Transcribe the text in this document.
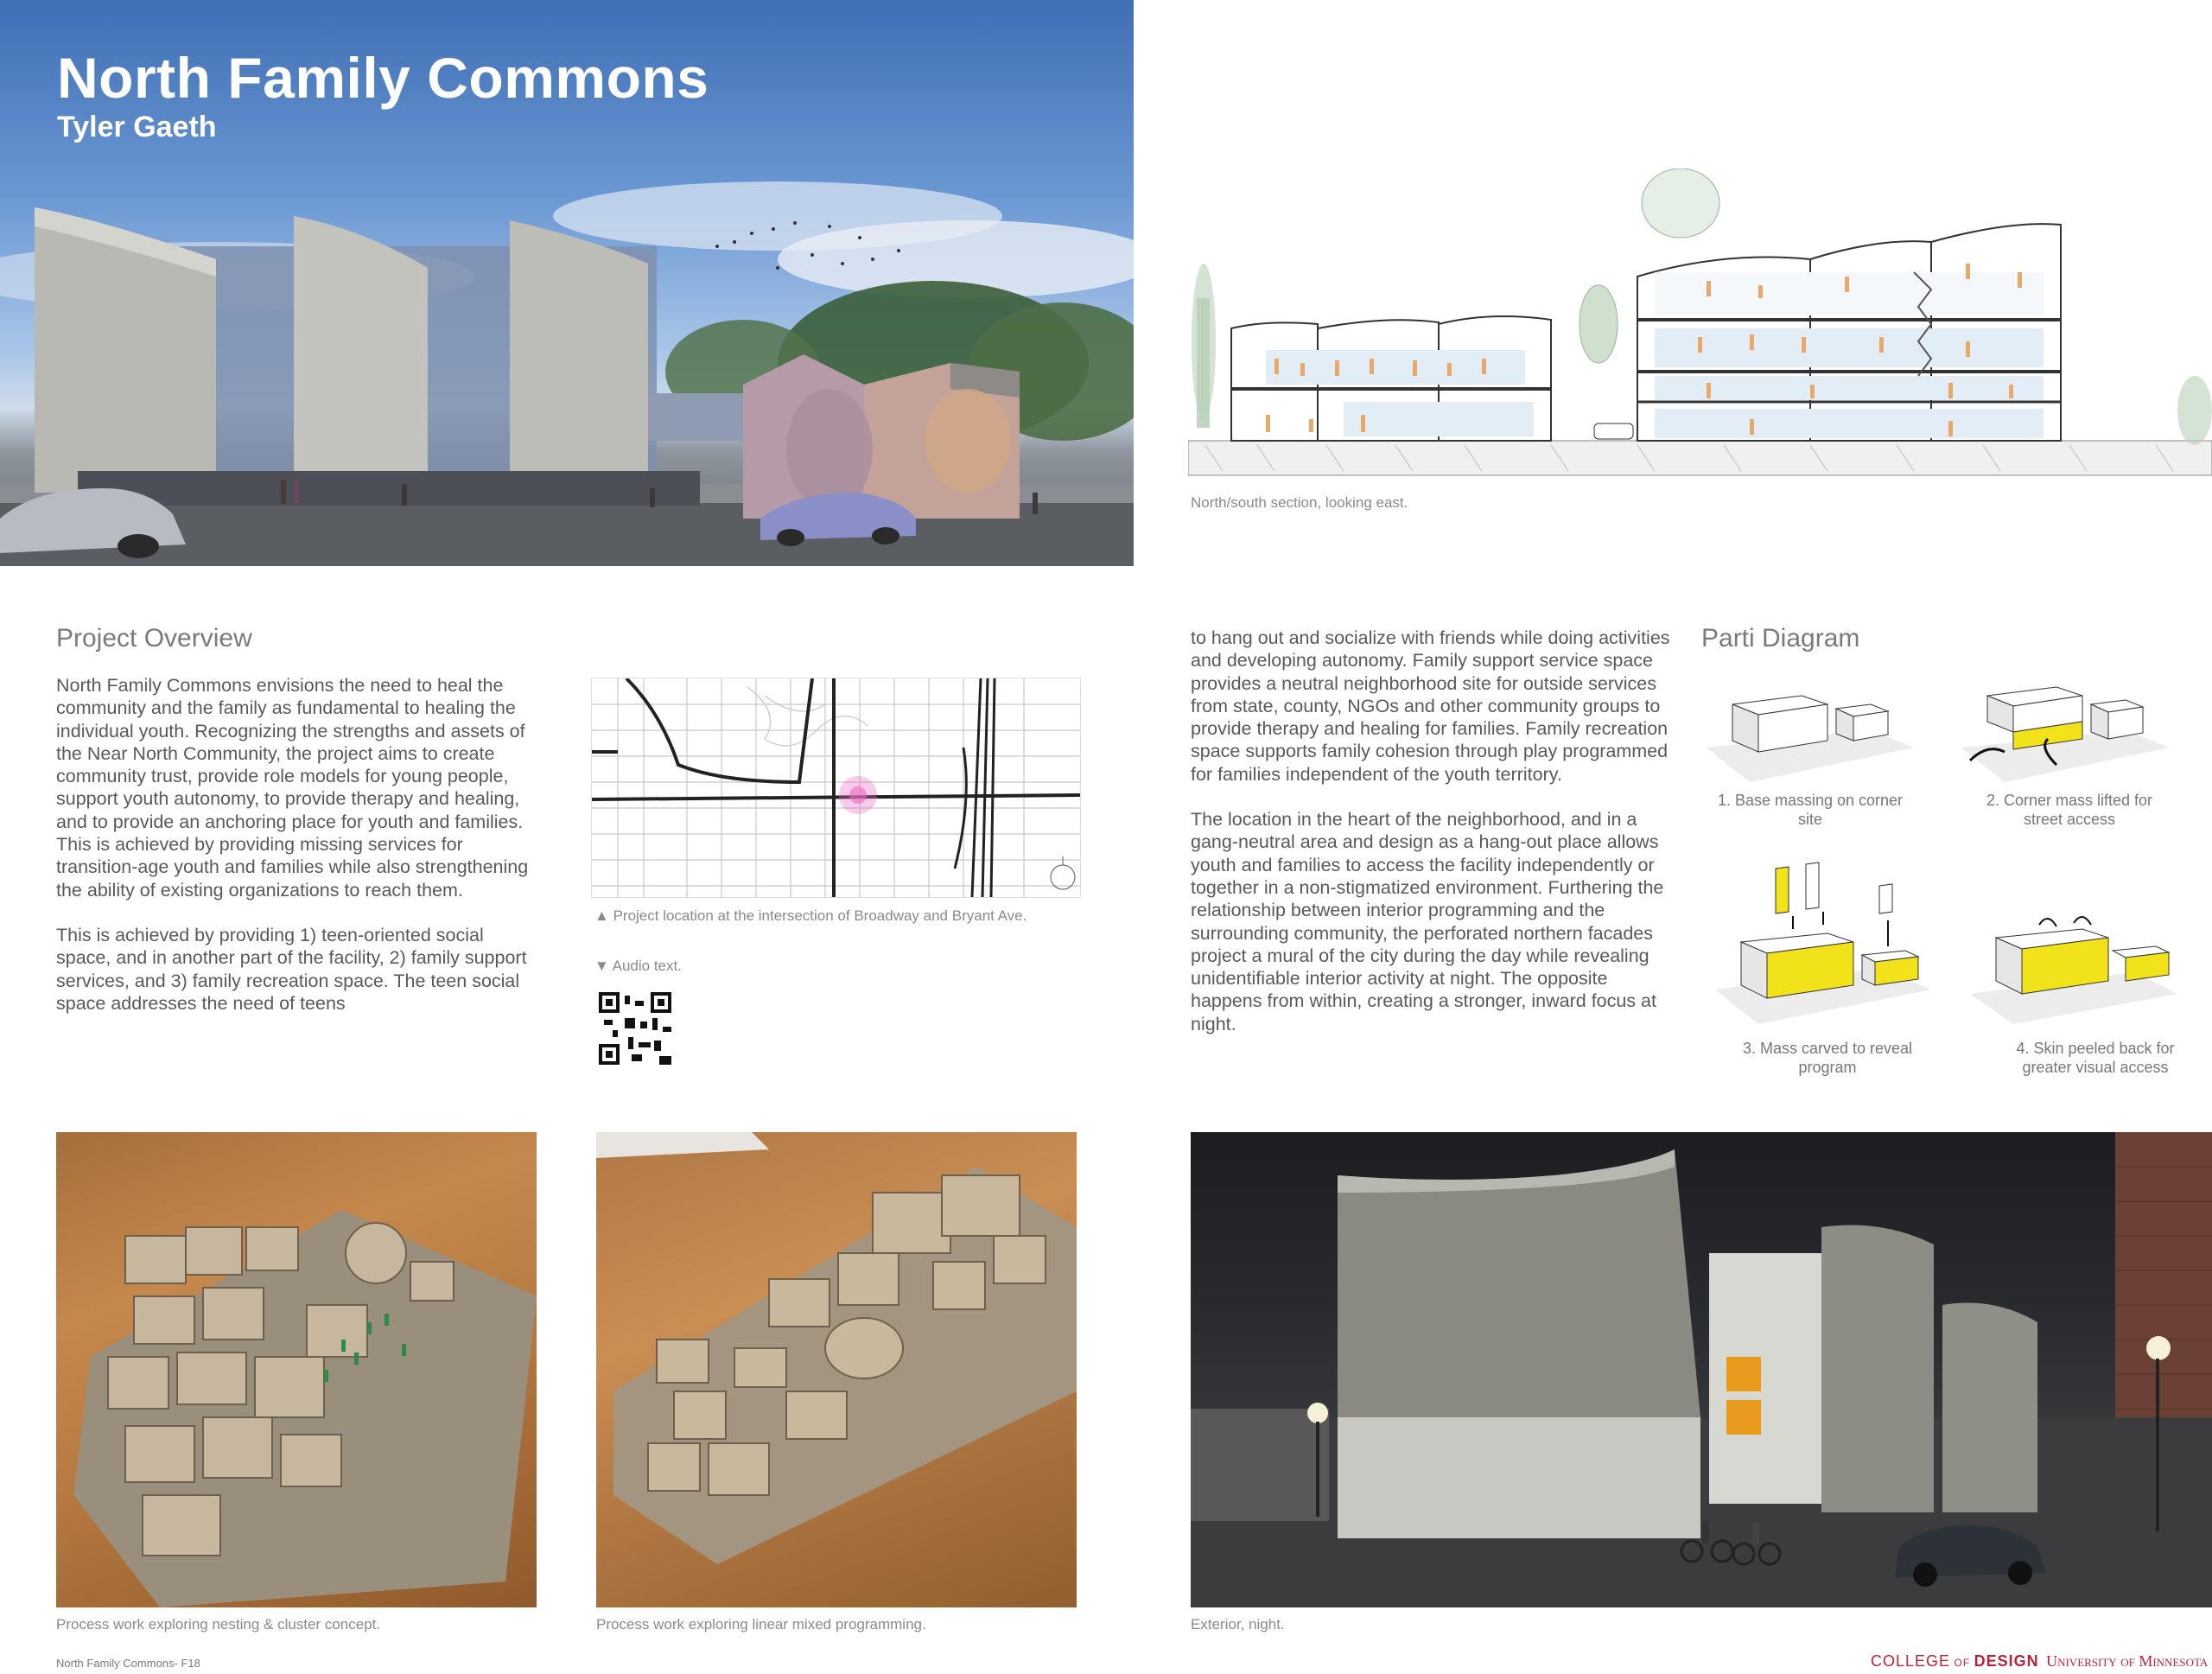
North Family Commons
Tyler Gaeth
North/south section, looking east.
Project Overview

North Family Commons envisions the need to heal the community and the family as fundamental to healing the individual youth. Recognizing the strengths and assets of the Near North Community, the project aims to create community trust, provide role models for young people, support youth autonomy, to provide therapy and healing, and to provide an anchoring place for youth and families. This is achieved by providing missing services for transition-age youth and families while also strengthening the ability of existing organizations to reach them.

This is achieved by providing 1) teen-oriented social space, and in another part of the facility, 2) family support services, and 3) family recreation space. The teen social space addresses the need of teens

▲ Project location at the intersection of Broadway and Bryant Ave.
▼ Audio text.

to hang out and socialize with friends while doing activities and developing autonomy. Family support service space provides a neutral neighborhood site for outside services from state, county, NGOs and other community groups to provide therapy and healing for families. Family recreation space supports family cohesion through play programmed for families independent of the youth territory.

The location in the heart of the neighborhood, and in a gang-neutral area and design as a hang-out place allows youth and families to access the facility independently or together in a non-stigmatized environment. Furthering the relationship between interior programming and the surrounding community, the perforated northern facades project a mural of the city during the day while revealing unidentifiable interior activity at night. The opposite happens from within, creating a stronger, inward focus at night.

Parti Diagram
1. Base massing on corner site
2. Corner mass lifted for street access
3. Mass carved to reveal program
4. Skin peeled back for greater visual access
Process work exploring nesting & cluster concept.	Process work exploring linear mixed programming.	Exterior, night.
North Family Commons- F18	COLLEGE OF DESIGN University of Minnesota
